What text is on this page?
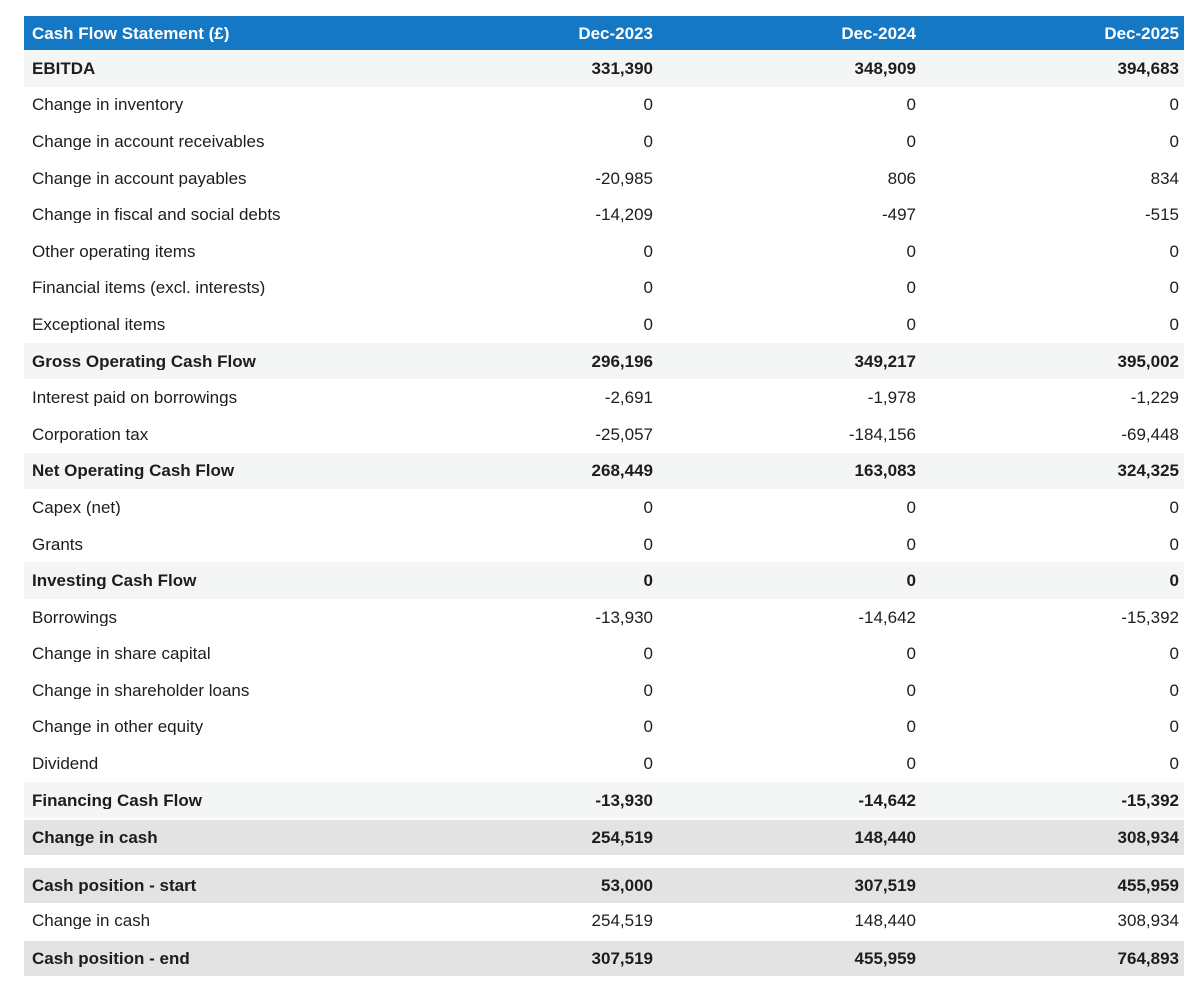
Cash Flow Statement (£)	Dec-2023	Dec-2024	Dec-2025
EBITDA	331,390	348,909	394,683
Change in inventory	0	0	0
Change in account receivables	0	0	0
Change in account payables	-20,985	806	834
Change in fiscal and social debts	-14,209	-497	-515
Other operating items	0	0	0
Financial items (excl. interests)	0	0	0
Exceptional items	0	0	0
Gross Operating Cash Flow	296,196	349,217	395,002
Interest paid on borrowings	-2,691	-1,978	-1,229
Corporation tax	-25,057	-184,156	-69,448
Net Operating Cash Flow	268,449	163,083	324,325
Capex (net)	0	0	0
Grants	0	0	0
Investing Cash Flow	0	0	0
Borrowings	-13,930	-14,642	-15,392
Change in share capital	0	0	0
Change in shareholder loans	0	0	0
Change in other equity	0	0	0
Dividend	0	0	0
Financing Cash Flow	-13,930	-14,642	-15,392
Change in cash	254,519	148,440	308,934
Cash position - start	53,000	307,519	455,959
Change in cash	254,519	148,440	308,934
Cash position - end	307,519	455,959	764,893
